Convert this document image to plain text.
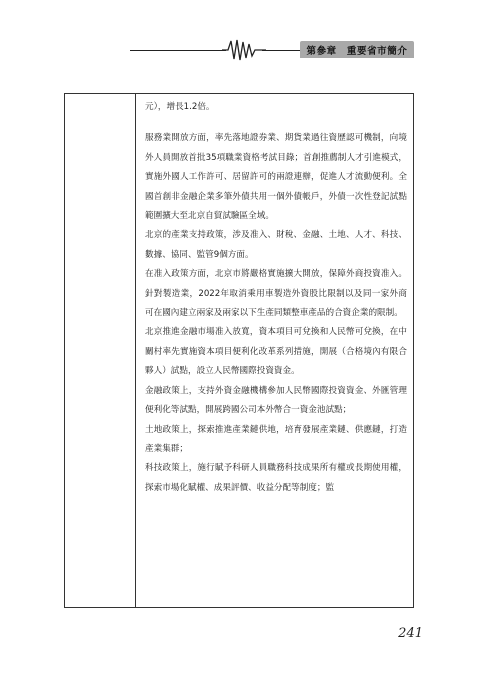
第參章　重要省市簡介

元），增長1.2倍。

服務業開放方面，率先落地證券業、期貨業過往資歷認可機制，向境外人員開放首批35項職業資格考試目錄；首創推薦制人才引進模式，實施外國人工作許可、居留許可的兩證連辦，促進人才流動便利。全國首創非金融企業多筆外債共用一個外債帳戶，外債一次性登記試點範圍擴大至北京自貿試驗區全域。

北京的產業支持政策，涉及准入、財稅、金融、土地、人才、科技、數據、協同、監管9個方面。

在准入政策方面，北京市將嚴格實施擴大開放，保障外商投資准入。針對製造業，2022年取消乘用車製造外資股比限制以及同一家外商可在國內建立兩家及兩家以下生產同類整車產品的合資企業的限制。

北京推進金融市場准入放寬，資本項目可兌換和人民幣可兌換，在中關村率先實施資本項目便利化改革系列措施，開展（合格境內有限合夥人）試點，設立人民幣國際投資資金。

金融政策上，支持外資金融機構參加人民幣國際投資資金、外匯管理便利化等試點，開展跨國公司本外幣合一資金池試點；

土地政策上，探索推進產業鏈供地，培育發展產業鏈、供應鏈，打造產業集群；

科技政策上，施行賦予科研人員職務科技成果所有權或長期使用權，探索市場化賦權、成果評價、收益分配等制度；監

241
